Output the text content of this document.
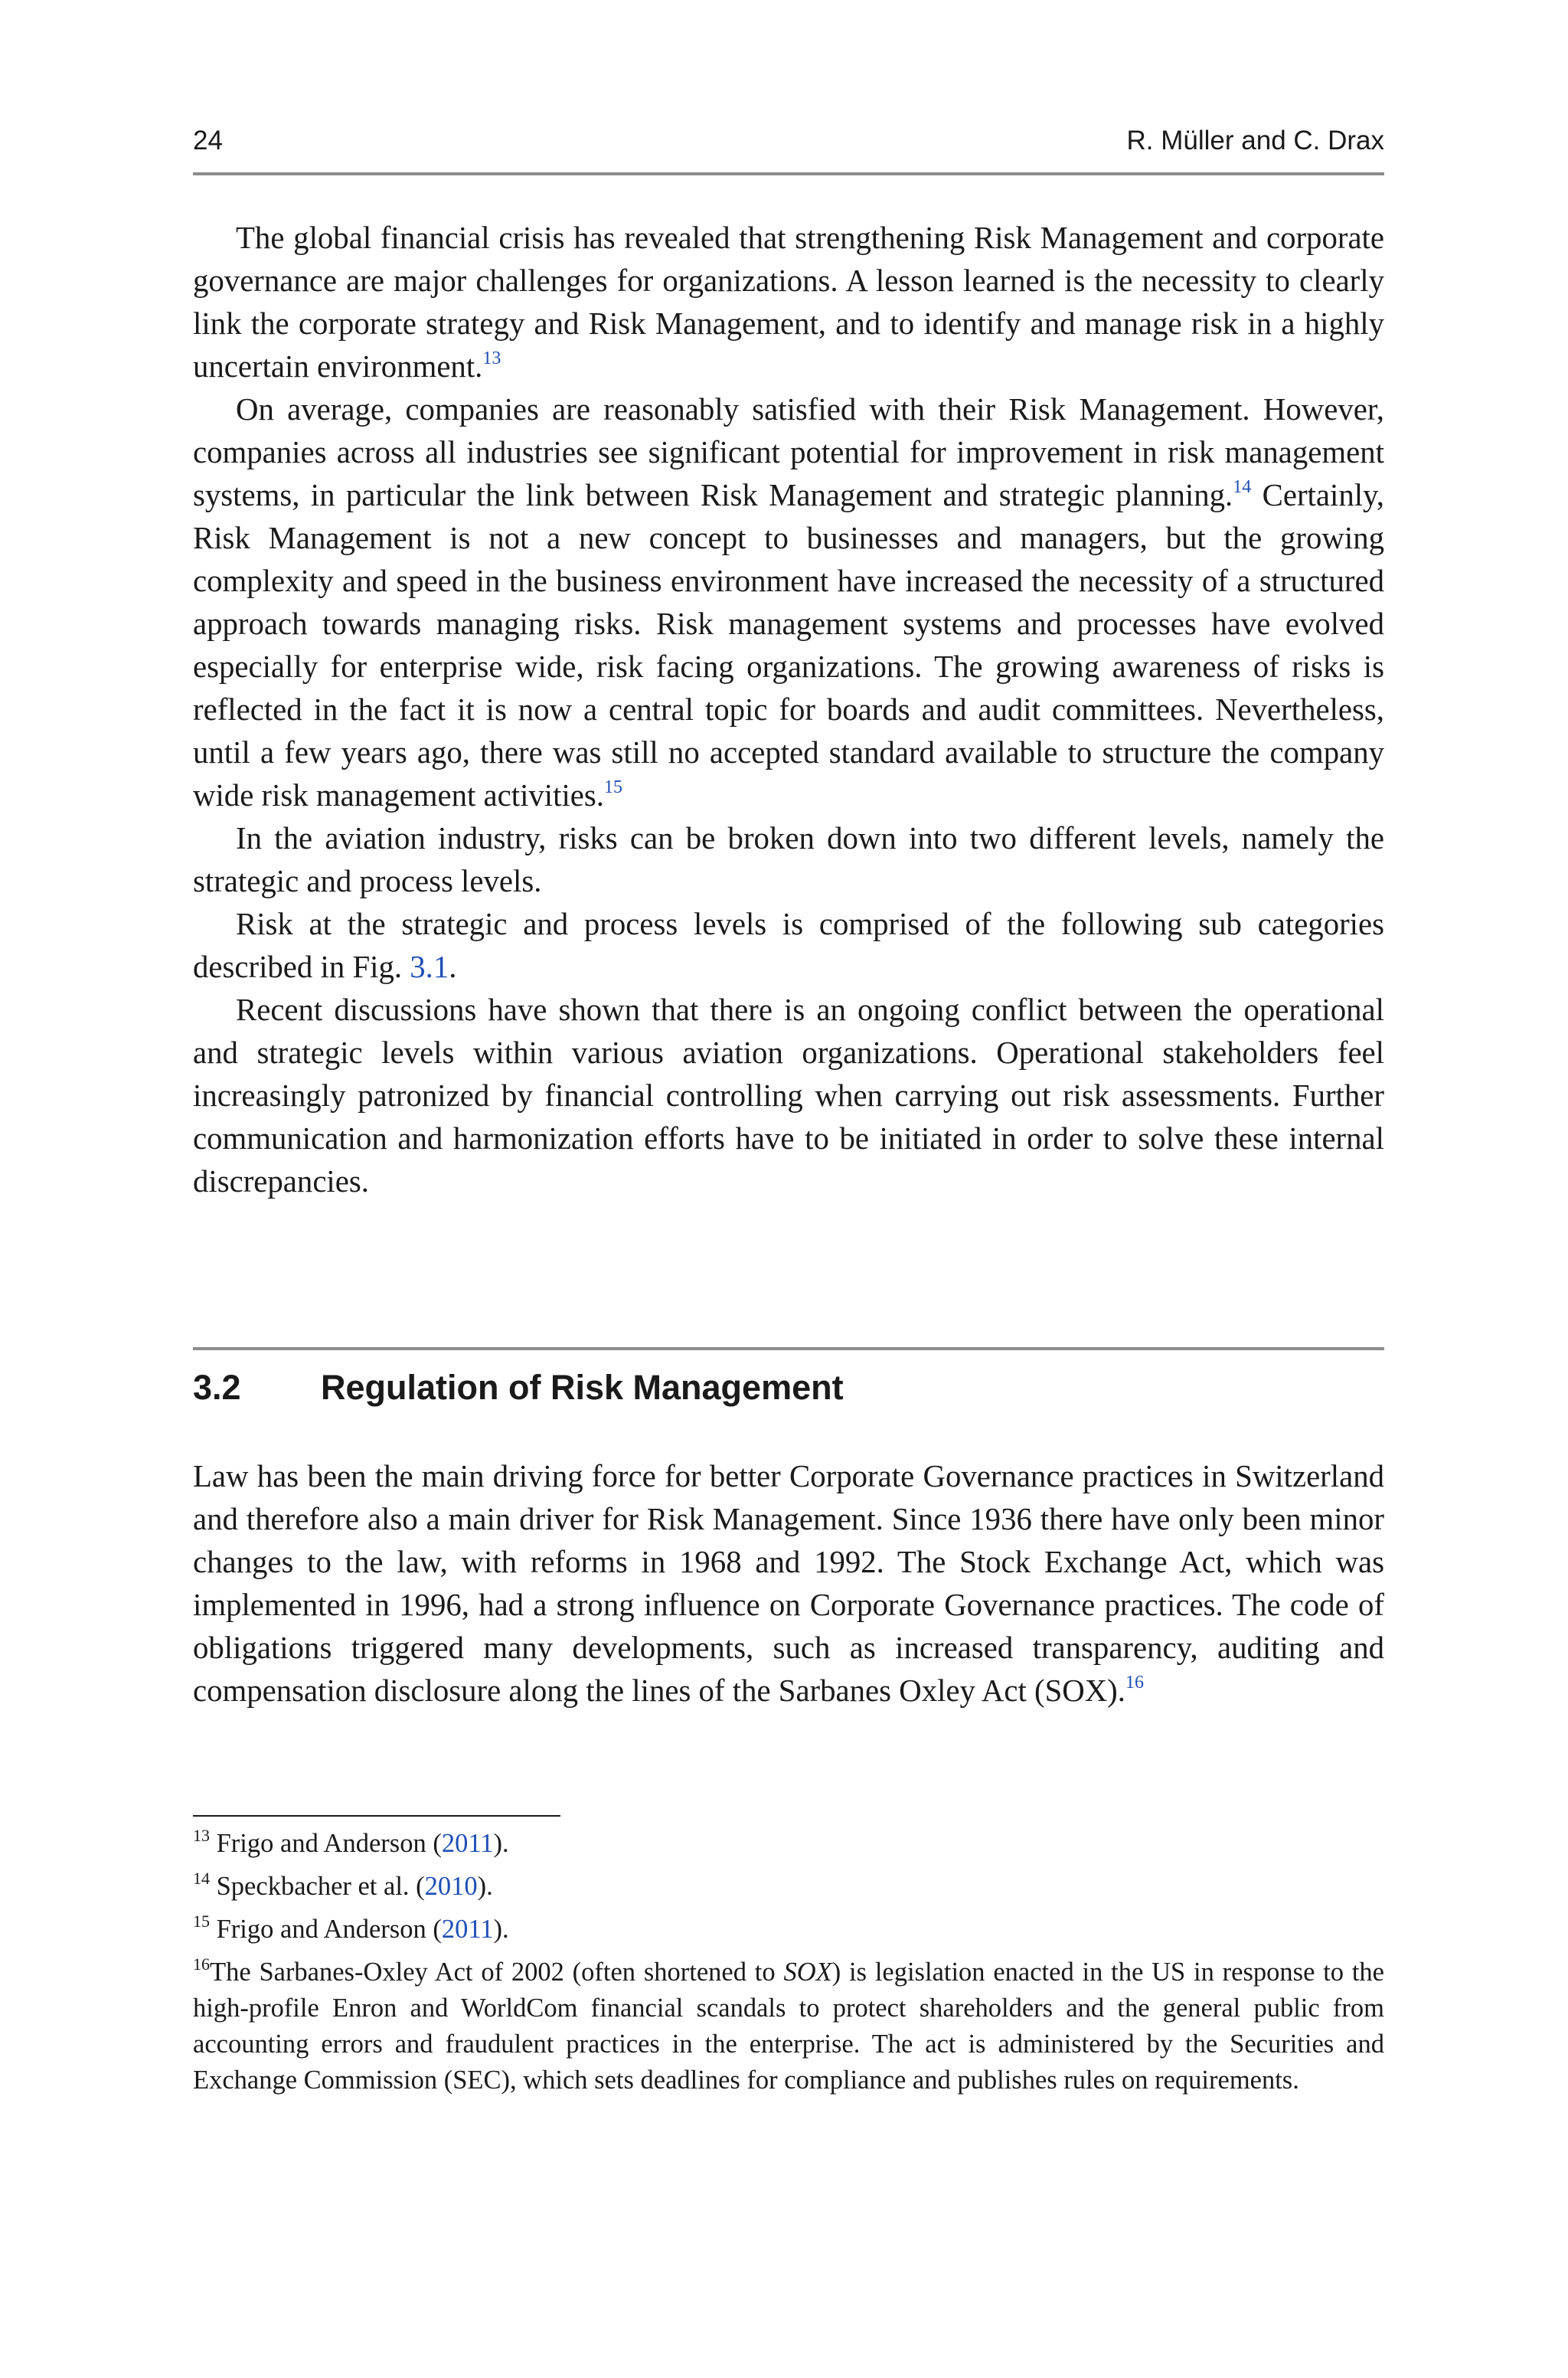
24	R. Müller and C. Drax

The global financial crisis has revealed that strengthening Risk Management and corporate governance are major challenges for organizations. A lesson learned is the necessity to clearly link the corporate strategy and Risk Management, and to identify and manage risk in a highly uncertain environment.$^{13}$

On average, companies are reasonably satisfied with their Risk Management. However, companies across all industries see significant potential for improvement in risk management systems, in particular the link between Risk Management and strategic planning.$^{14}$ Certainly, Risk Management is not a new concept to businesses and managers, but the growing complexity and speed in the business environment have increased the necessity of a structured approach towards managing risks. Risk management systems and processes have evolved especially for enterprise wide, risk facing organizations. The growing awareness of risks is reflected in the fact it is now a central topic for boards and audit committees. Nevertheless, until a few years ago, there was still no accepted standard available to structure the company wide risk management activities.$^{15}$

In the aviation industry, risks can be broken down into two different levels, namely the strategic and process levels.

Risk at the strategic and process levels is comprised of the following sub categories described in Fig. 3.1.

Recent discussions have shown that there is an ongoing conflict between the operational and strategic levels within various aviation organizations. Operational stakeholders feel increasingly patronized by financial controlling when carrying out risk assessments. Further communication and harmonization efforts have to be initiated in order to solve these internal discrepancies.

3.2 Regulation of Risk Management

Law has been the main driving force for better Corporate Governance practices in Switzerland and therefore also a main driver for Risk Management. Since 1936 there have only been minor changes to the law, with reforms in 1968 and 1992. The Stock Exchange Act, which was implemented in 1996, had a strong influence on Corporate Governance practices. The code of obligations triggered many developments, such as increased transparency, auditing and compensation disclosure along the lines of the Sarbanes Oxley Act (SOX).$^{16}$

$^{13}$ Frigo and Anderson (2011).

$^{14}$ Speckbacher et al. (2010).

$^{15}$ Frigo and Anderson (2011).

$^{16}$The Sarbanes-Oxley Act of 2002 (often shortened to SOX) is legislation enacted in the US in response to the high-profile Enron and WorldCom financial scandals to protect shareholders and the general public from accounting errors and fraudulent practices in the enterprise. The act is administered by the Securities and Exchange Commission (SEC), which sets deadlines for compliance and publishes rules on requirements.
